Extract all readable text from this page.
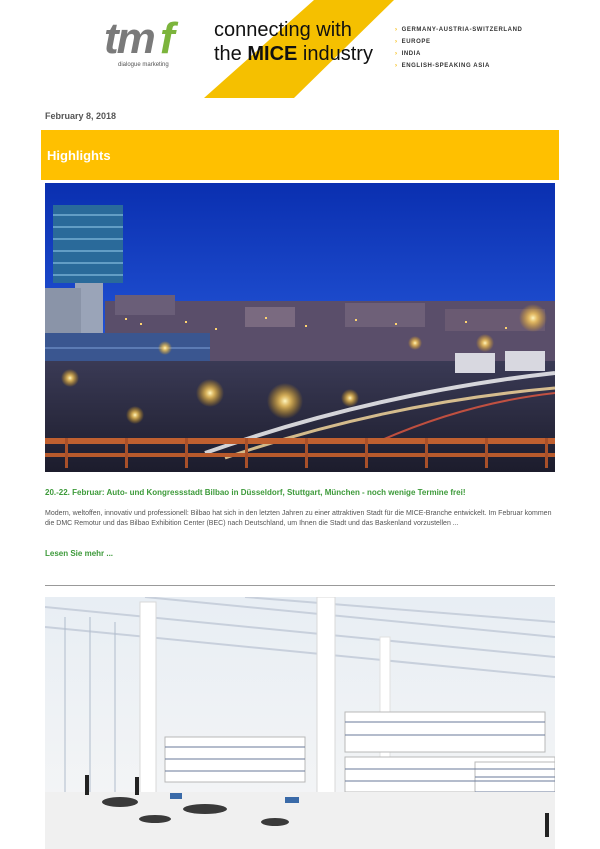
tm f
dialogue marketing
connecting with
the MICE industry
› GERMANY-AUSTRIA-SWITZERLAND
› EUROPE
› INDIA
› ENGLISH-SPEAKING ASIA
February 8, 2018
Highlights
20.-22. Februar: Auto- und Kongressstadt Bilbao in Düsseldorf, Stuttgart, München - noch wenige Termine frei!
Modern, weltoffen, innovativ und professionell: Bilbao hat sich in den letzten Jahren zu einer attraktiven Stadt für die MICE-Branche entwickelt. Im Februar kommen die DMC Remotur und das Bilbao Exhibition Center (BEC) nach Deutschland, um Ihnen die Stadt und das Baskenland vorzustellen ...
Lesen Sie mehr ...
